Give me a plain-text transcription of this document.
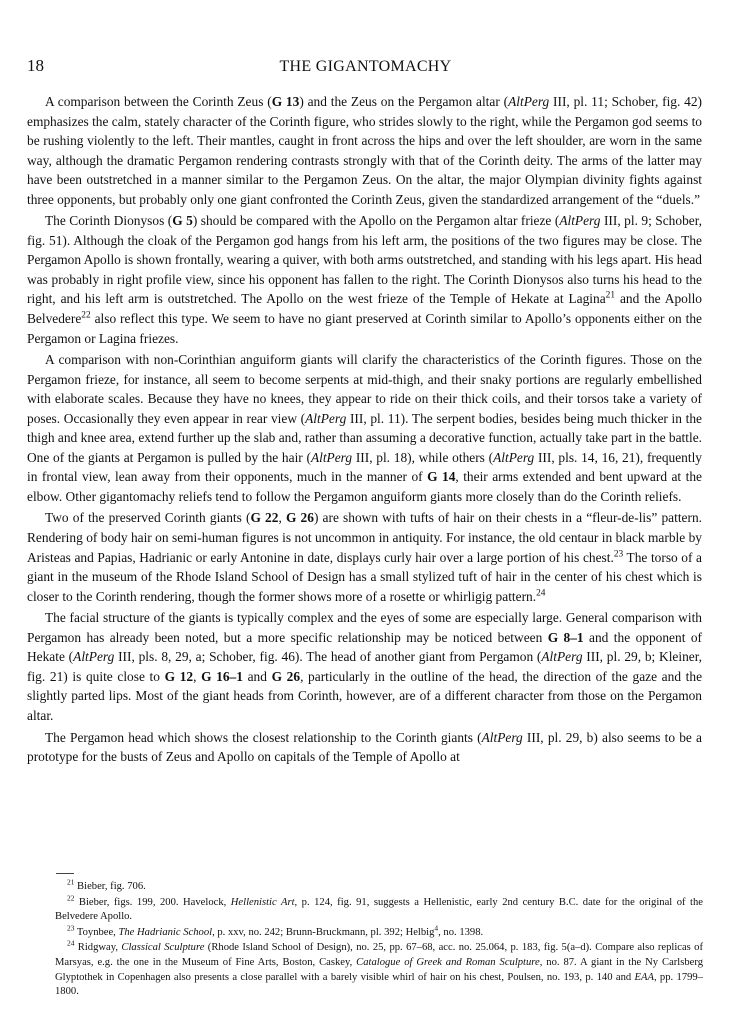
18	THE GIGANTOMACHY

A comparison between the Corinth Zeus (G 13) and the Zeus on the Pergamon altar (AltPerg III, pl. 11; Schober, fig. 42) emphasizes the calm, stately character of the Corinth figure, who strides slowly to the right, while the Pergamon god seems to be rushing violently to the left. Their mantles, caught in front across the hips and over the left shoulder, are worn in the same way, although the dramatic Pergamon rendering contrasts strongly with that of the Corinth deity. The arms of the latter may have been outstretched in a manner similar to the Pergamon Zeus. On the altar, the major Olympian divinity fights against three opponents, but probably only one giant confronted the Corinth Zeus, given the standardized arrangement of the “duels.”

The Corinth Dionysos (G 5) should be compared with the Apollo on the Pergamon altar frieze (AltPerg III, pl. 9; Schober, fig. 51). Although the cloak of the Pergamon god hangs from his left arm, the positions of the two figures may be close. The Pergamon Apollo is shown frontally, wearing a quiver, with both arms outstretched, and standing with his legs apart. His head was probably in right profile view, since his opponent has fallen to the right. The Corinth Dionysos also turns his head to the right, and his left arm is outstretched. The Apollo on the west frieze of the Temple of Hekate at Lagina$^{21}$ and the Apollo Belvedere$^{22}$ also reflect this type. We seem to have no giant preserved at Corinth similar to Apollo’s opponents either on the Pergamon or Lagina friezes.

A comparison with non-Corinthian anguiform giants will clarify the characteristics of the Corinth figures. Those on the Pergamon frieze, for instance, all seem to become serpents at mid-thigh, and their snaky portions are regularly embellished with elaborate scales. Because they have no knees, they appear to ride on their thick coils, and their torsos take a variety of poses. Occasionally they even appear in rear view (AltPerg III, pl. 11). The serpent bodies, besides being much thicker in the thigh and knee area, extend further up the slab and, rather than assuming a decorative function, actually take part in the battle. One of the giants at Pergamon is pulled by the hair (AltPerg III, pl. 18), while others (AltPerg III, pls. 14, 16, 21), frequently in frontal view, lean away from their opponents, much in the manner of G 14, their arms extended and bent upward at the elbow. Other gigantomachy reliefs tend to follow the Pergamon anguiform giants more closely than do the Corinth reliefs.

Two of the preserved Corinth giants (G 22, G 26) are shown with tufts of hair on their chests in a “fleur-de-lis” pattern. Rendering of body hair on semi-human figures is not uncommon in antiquity. For instance, the old centaur in black marble by Aristeas and Papias, Hadrianic or early Antonine in date, displays curly hair over a large portion of his chest.$^{23}$ The torso of a giant in the museum of the Rhode Island School of Design has a small stylized tuft of hair in the center of his chest which is closer to the Corinth rendering, though the former shows more of a rosette or whirligig pattern.$^{24}$

The facial structure of the giants is typically complex and the eyes of some are especially large. General comparison with Pergamon has already been noted, but a more specific relationship may be noticed between G 8–1 and the opponent of Hekate (AltPerg III, pls. 8, 29, a; Schober, fig. 46). The head of another giant from Pergamon (AltPerg III, pl. 29, b; Kleiner, fig. 21) is quite close to G 12, G 16–1 and G 26, particularly in the outline of the head, the direction of the gaze and the slightly parted lips. Most of the giant heads from Corinth, however, are of a different character from those on the Pergamon altar.

The Pergamon head which shows the closest relationship to the Corinth giants (AltPerg III, pl. 29, b) also seems to be a prototype for the busts of Zeus and Apollo on capitals of the Temple of Apollo at

$^{21}$ Bieber, fig. 706.

$^{22}$ Bieber, figs. 199, 200. Havelock, Hellenistic Art, p. 124, fig. 91, suggests a Hellenistic, early 2nd century B.C. date for the original of the Belvedere Apollo.

$^{23}$ Toynbee, The Hadrianic School, p. xxv, no. 242; Brunn-Bruckmann, pl. 392; Helbig$^4$, no. 1398.

$^{24}$ Ridgway, Classical Sculpture (Rhode Island School of Design), no. 25, pp. 67–68, acc. no. 25.064, p. 183, fig. 5(a–d). Compare also replicas of Marsyas, e.g. the one in the Museum of Fine Arts, Boston, Caskey, Catalogue of Greek and Roman Sculpture, no. 87. A giant in the Ny Carlsberg Glyptothek in Copenhagen also presents a close parallel with a barely visible whirl of hair on his chest, Poulsen, no. 193, p. 140 and EAA, pp. 1799–1800.
